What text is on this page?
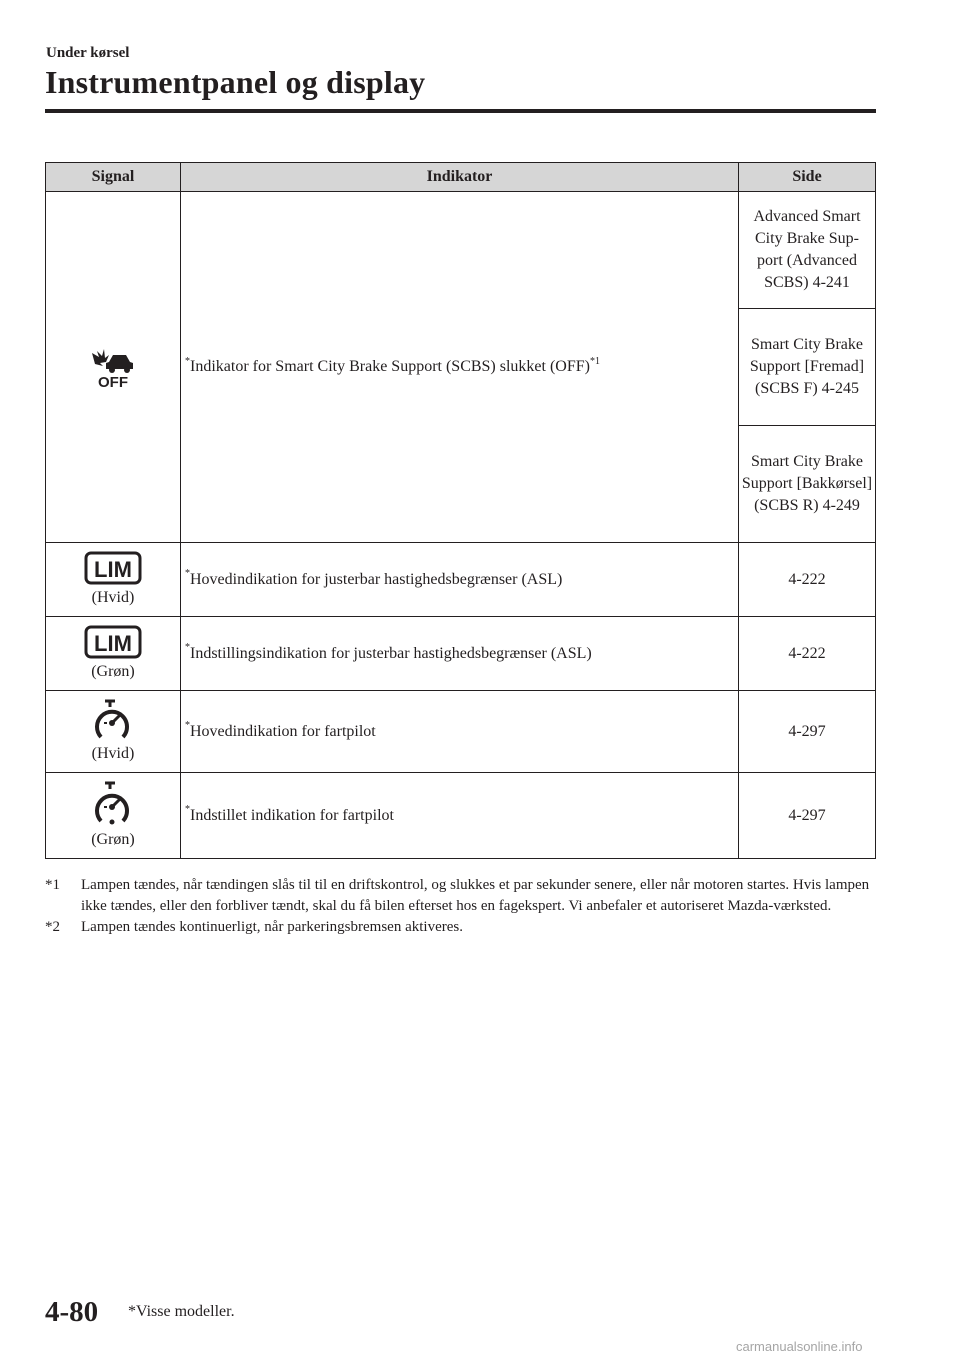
Under kørsel
Instrumentpanel og display
Signal	Indikator	Side

OFF	*Indikator for Smart City Brake Support (SCBS) slukket (OFF)$^{*1}$	Advanced Smart City Brake Sup- port (Advanced SCBS) 4-241
		Smart City Brake Support [Fremad] (SCBS F) 4-245
		Smart City Brake Support [Bakkørsel] (SCBS R) 4-249

LIM
(Hvid)	*Hovedindikation for justerbar hastighedsbegrænser (ASL)	4-222

LIM
(Grøn)	*Indstillingsindikation for justerbar hastighedsbegrænser (ASL)	4-222

(Hvid)	*Hovedindikation for fartpilot	4-297

(Grøn)	*Indstillet indikation for fartpilot	4-297
*1	Lampen tændes, når tændingen slås til til en driftskontrol, og slukkes et par sekunder senere, eller når motoren startes. Hvis lampen ikke tændes, eller den forbliver tændt, skal du få bilen efterset hos en fagekspert. Vi anbefaler et autoriseret Mazda-værksted.
*2	Lampen tændes kontinuerligt, når parkeringsbremsen aktiveres.
4-80 *Visse modeller.
carmanualsonline.info
